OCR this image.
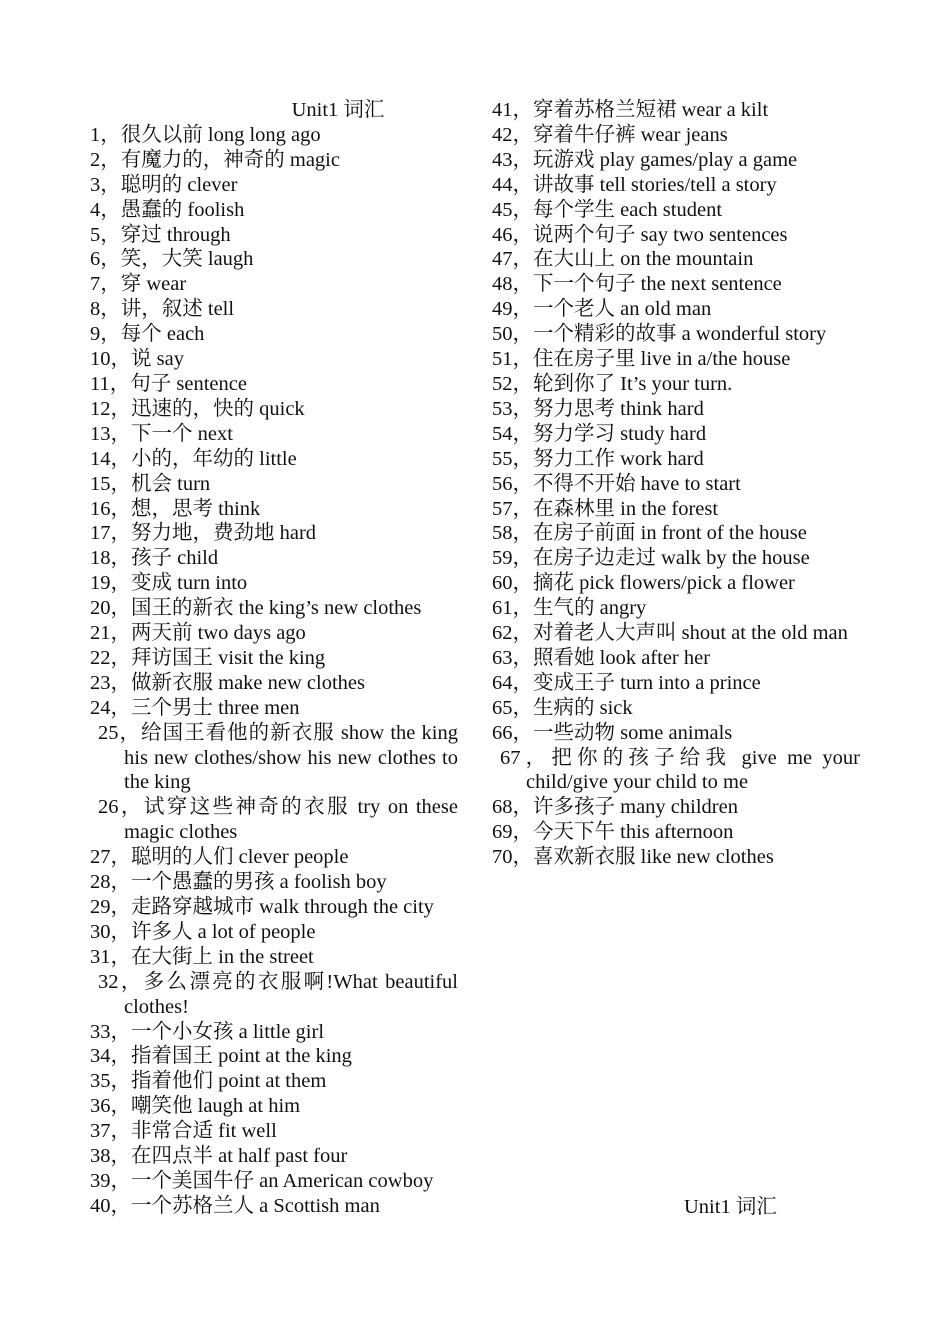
Unit1 词汇
1，很久以前 long long ago
2，有魔力的，神奇的 magic
3，聪明的 clever
4，愚蠢的 foolish
5，穿过 through
6，笑，大笑 laugh
7，穿 wear
8，讲，叙述 tell
9，每个 each
10，说 say
11，句子 sentence
12，迅速的，快的 quick
13，下一个 next
14，小的，年幼的 little
15，机会 turn
16，想，思考 think
17，努力地，费劲地 hard
18，孩子 child
19，变成 turn into
20，国王的新衣 the king’s new clothes
21，两天前 two days ago
22，拜访国王 visit the king
23，做新衣服 make new clothes
24，三个男士 three men
25，给国王看他的新衣服 show the king his new clothes/show his new clothes to the king
26，试穿这些神奇的衣服 try on these magic clothes
27，聪明的人们 clever people
28，一个愚蠢的男孩 a foolish boy
29，走路穿越城市 walk through the city
30，许多人 a lot of people
31，在大街上 in the street
32，多么漂亮的衣服啊!What beautiful clothes!
33，一个小女孩 a little girl
34，指着国王 point at the king
35，指着他们 point at them
36，嘲笑他 laugh at him
37，非常合适 fit well
38，在四点半 at half past four
39，一个美国牛仔 an American cowboy
40，一个苏格兰人 a Scottish man
41，穿着苏格兰短裙 wear a kilt
42，穿着牛仔裤 wear jeans
43，玩游戏 play games/play a game
44，讲故事 tell stories/tell a story
45，每个学生 each student
46，说两个句子 say two sentences
47，在大山上 on the mountain
48，下一个句子 the next sentence
49，一个老人 an old man
50，一个精彩的故事 a wonderful story
51，住在房子里 live in a/the house
52，轮到你了 It’s your turn.
53，努力思考 think hard
54，努力学习 study hard
55，努力工作 work hard
56，不得不开始 have to start
57，在森林里 in the forest
58，在房子前面 in front of the house
59，在房子边走过 walk by the house
60，摘花 pick flowers/pick a flower
61，生气的 angry
62，对着老人大声叫 shout at the old man
63，照看她 look after her
64，变成王子 turn into a prince
65，生病的 sick
66，一些动物 some animals
67，把你的孩子给我 give me your child/give your child to me
68，许多孩子 many children
69，今天下午 this afternoon
70，喜欢新衣服 like new clothes
Unit1 词汇
